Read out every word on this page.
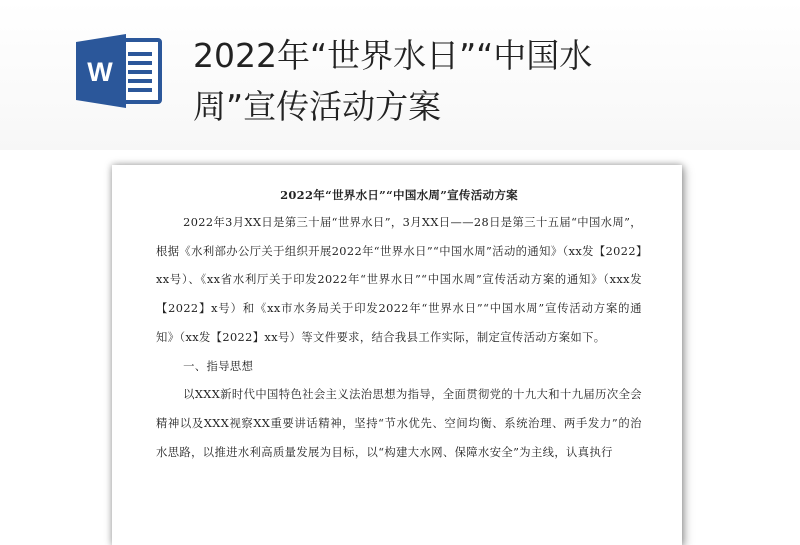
W 2022年“世界水日”“中国水周”宣传活动方案

2022年“世界水日”“中国水周”宣传活动方案

2022年3月XX日是第三十届“世界水日”，3月XX日——28日是第三十五届“中国水周”，根据《水利部办公厅关于组织开展2022年“世界水日”“中国水周”活动的通知》（xx发【2022】xx号）、《xx省水利厅关于印发2022年“世界水日”“中国水周”宣传活动方案的通知》（xxx发【2022】x号）和《xx市水务局关于印发2022年“世界水日”“中国水周”宣传活动方案的通知》（xx发【2022】xx号）等文件要求，结合我县工作实际，制定宣传活动方案如下。

一、指导思想

以XXX新时代中国特色社会主义法治思想为指导，全面贯彻党的十九大和十九届历次全会精神以及XXX视察XX重要讲话精神，坚持“节水优先、空间均衡、系统治理、两手发力”的治水思路，以推进水利高质量发展为目标，以“构建大水网、保障水安全”为主线，认真执行
